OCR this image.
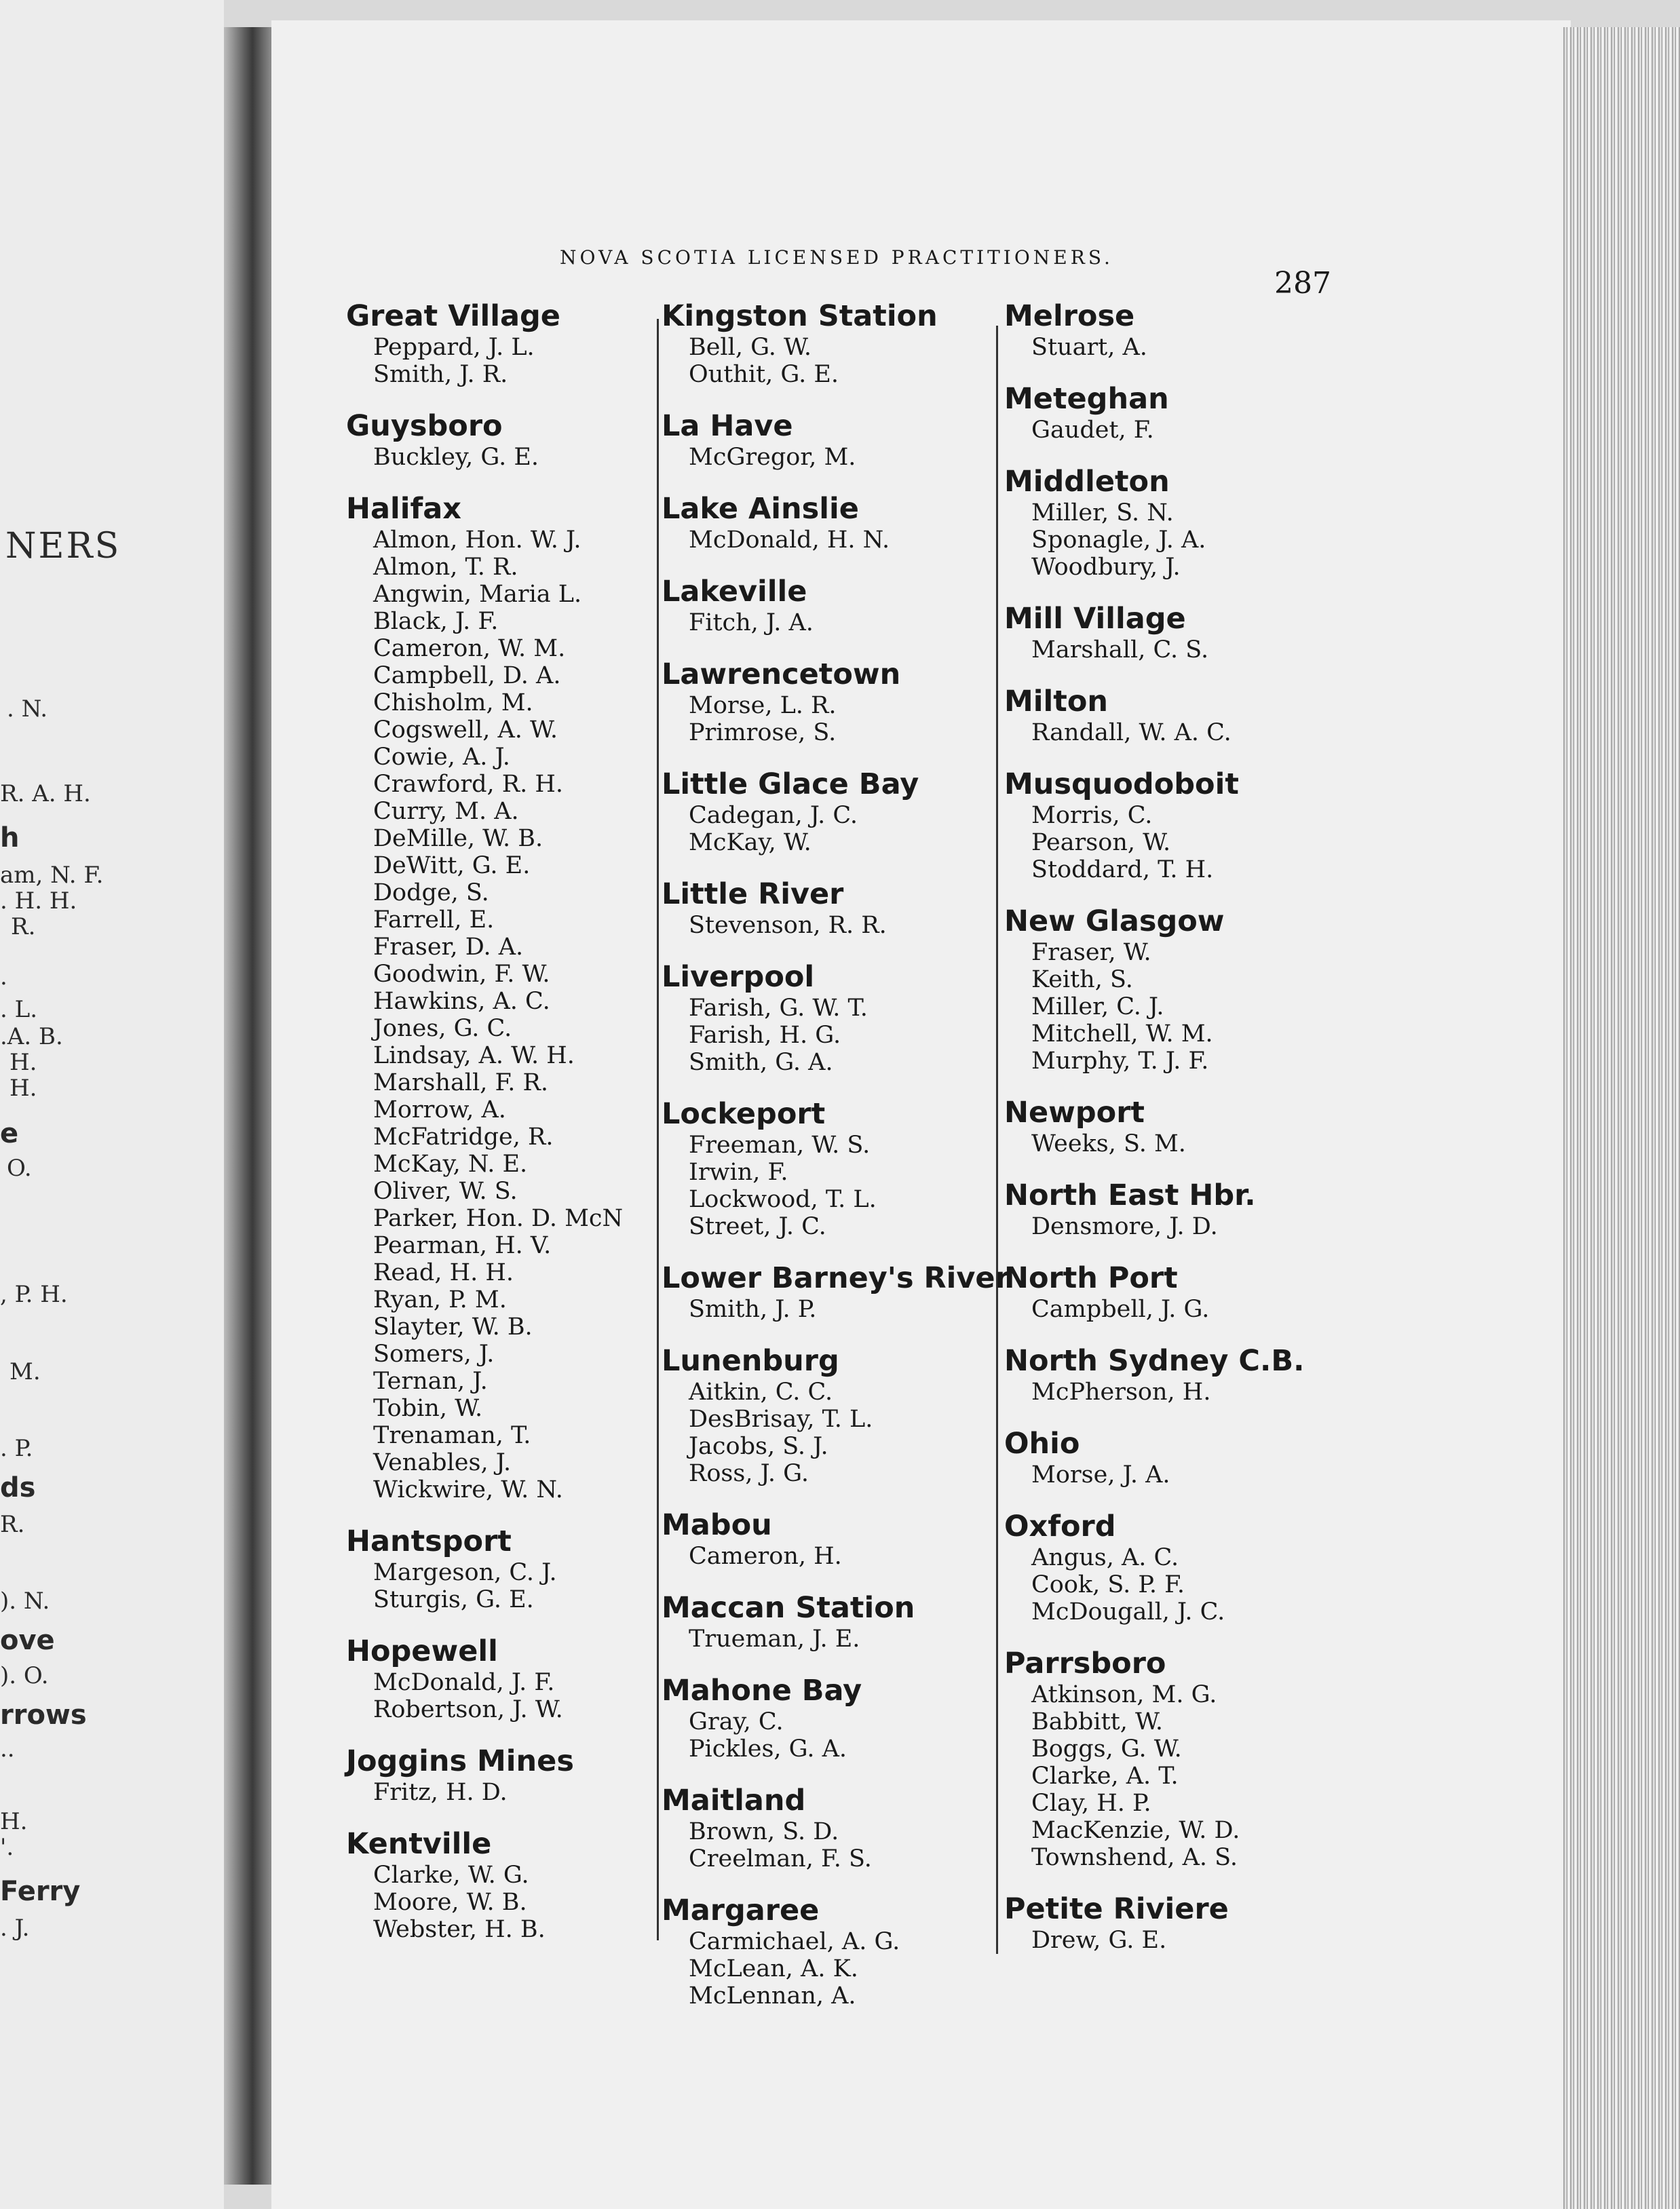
NERS
. N.
R. A. H.
h
am, N. F.
. H. H.
R.
.
. L.
.A. B.
H.
H.
e
O.
, P. H.
M.
. P.
ds
R.
). N.
ove
). O.
rrows
..
H.
'.
Ferry
. J.
NOVA SCOTIA LICENSED PRACTITIONERS.
287
Great Village
Peppard, J. L.
Smith, J. R.
Guysboro
Buckley, G. E.
Halifax
Almon, Hon. W. J.
Almon, T. R.
Angwin, Maria L.
Black, J. F.
Cameron, W. M.
Campbell, D. A.
Chisholm, M.
Cogswell, A. W.
Cowie, A. J.
Crawford, R. H.
Curry, M. A.
DeMille, W. B.
DeWitt, G. E.
Dodge, S.
Farrell, E.
Fraser, D. A.
Goodwin, F. W.
Hawkins, A. C.
Jones, G. C.
Lindsay, A. W. H.
Marshall, F. R.
Morrow, A.
McFatridge, R.
McKay, N. E.
Oliver, W. S.
Parker, Hon. D. McN
Pearman, H. V.
Read, H. H.
Ryan, P. M.
Slayter, W. B.
Somers, J.
Ternan, J.
Tobin, W.
Trenaman, T.
Venables, J.
Wickwire, W. N.
Hantsport
Margeson, C. J.
Sturgis, G. E.
Hopewell
McDonald, J. F.
Robertson, J. W.
Joggins Mines
Fritz, H. D.
Kentville
Clarke, W. G.
Moore, W. B.
Webster, H. B.
Kingston Station
Bell, G. W.
Outhit, G. E.
La Have
McGregor, M.
Lake Ainslie
McDonald, H. N.
Lakeville
Fitch, J. A.
Lawrencetown
Morse, L. R.
Primrose, S.
Little Glace Bay
Cadegan, J. C.
McKay, W.
Little River
Stevenson, R. R.
Liverpool
Farish, G. W. T.
Farish, H. G.
Smith, G. A.
Lockeport
Freeman, W. S.
Irwin, F.
Lockwood, T. L.
Street, J. C.
Lower Barney's River
Smith, J. P.
Lunenburg
Aitkin, C. C.
DesBrisay, T. L.
Jacobs, S. J.
Ross, J. G.
Mabou
Cameron, H.
Maccan Station
Trueman, J. E.
Mahone Bay
Gray, C.
Pickles, G. A.
Maitland
Brown, S. D.
Creelman, F. S.
Margaree
Carmichael, A. G.
McLean, A. K.
McLennan, A.
Melrose
Stuart, A.
Meteghan
Gaudet, F.
Middleton
Miller, S. N.
Sponagle, J. A.
Woodbury, J.
Mill Village
Marshall, C. S.
Milton
Randall, W. A. C.
Musquodoboit
Morris, C.
Pearson, W.
Stoddard, T. H.
New Glasgow
Fraser, W.
Keith, S.
Miller, C. J.
Mitchell, W. M.
Murphy, T. J. F.
Newport
Weeks, S. M.
North East Hbr.
Densmore, J. D.
North Port
Campbell, J. G.
North Sydney C.B.
McPherson, H.
Ohio
Morse, J. A.
Oxford
Angus, A. C.
Cook, S. P. F.
McDougall, J. C.
Parrsboro
Atkinson, M. G.
Babbitt, W.
Boggs, G. W.
Clarke, A. T.
Clay, H. P.
MacKenzie, W. D.
Townshend, A. S.
Petite Riviere
Drew, G. E.
